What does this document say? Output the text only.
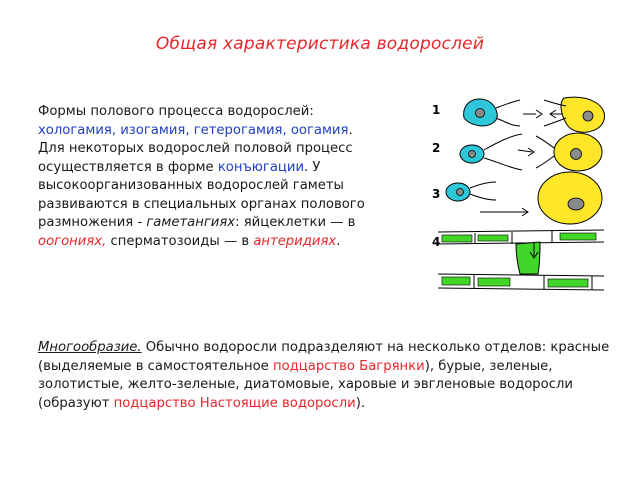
Общая характеристика водорослей
Формы полового процесса водорослей:
хологамия, изогамия, гетерогамия, оогамия.
Для некоторых водорослей половой процесс
осуществляется в форме конъюгации. У
высокоорганизованных водорослей гаметы
развиваются в специальных органах полового
размножения - гаметангиях: яйцеклетки — в
оогониях, сперматозоиды — в антеридиях.
1
2
3
4
Многообразие. Обычно водоросли подразделяют на несколько отделов: красные
(выделяемые в самостоятельное подцарство Багрянки), бурые, зеленые,
золотистые, желто-зеленые, диатомовые, харовые и эвгленовые водоросли
(образуют подцарство Настоящие водоросли).
